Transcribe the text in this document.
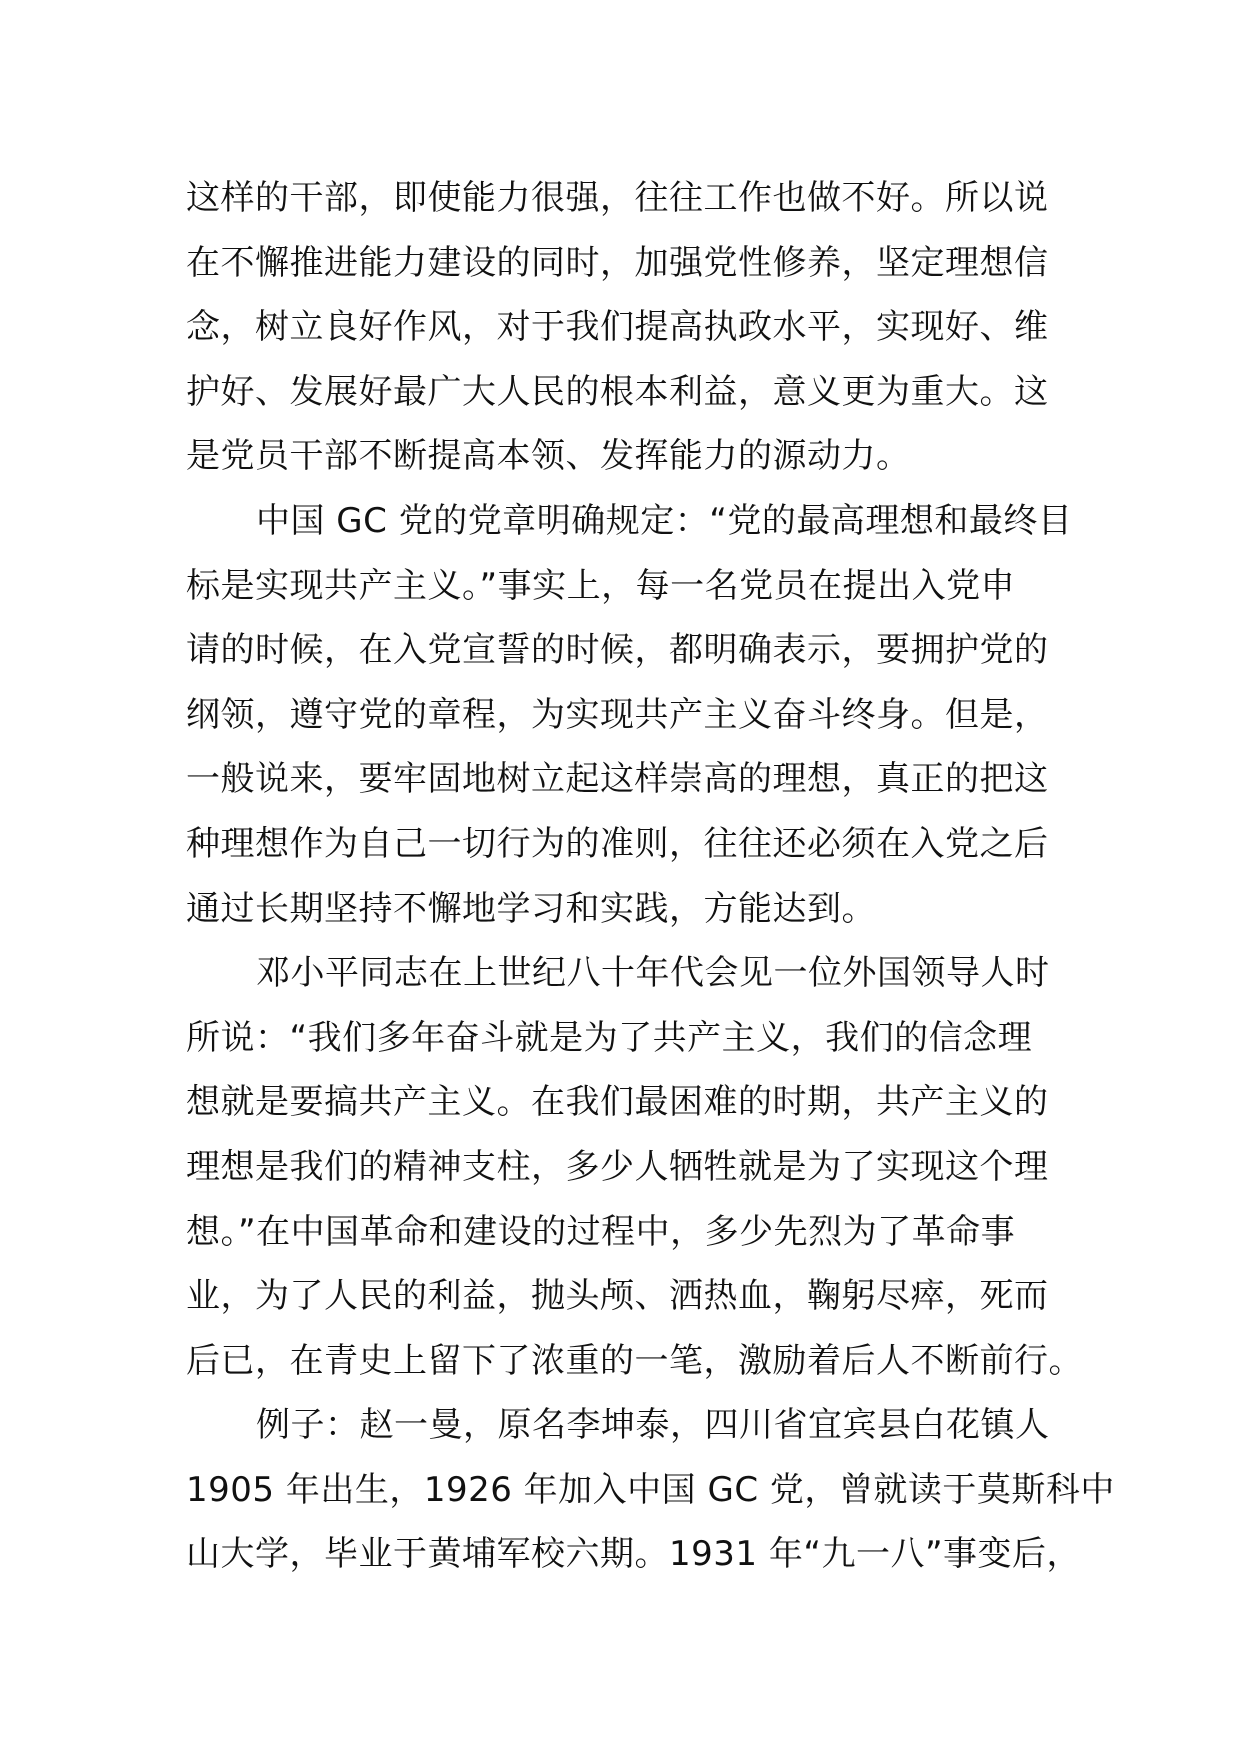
这样的干部，即使能力很强，往往工作也做不好。所以说
在不懈推进能力建设的同时，加强党性修养，坚定理想信
念，树立良好作风，对于我们提高执政水平，实现好、维
护好、发展好最广大人民的根本利益，意义更为重大。这
是党员干部不断提高本领、发挥能力的源动力。
中国 GC 党的党章明确规定：“党的最高理想和最终目
标是实现共产主义。”事实上，每一名党员在提出入党申
请的时候，在入党宣誓的时候，都明确表示，要拥护党的
纲领，遵守党的章程，为实现共产主义奋斗终身。但是，
一般说来，要牢固地树立起这样崇高的理想，真正的把这
种理想作为自己一切行为的准则，往往还必须在入党之后
通过长期坚持不懈地学习和实践，方能达到。
邓小平同志在上世纪八十年代会见一位外国领导人时
所说：“我们多年奋斗就是为了共产主义，我们的信念理
想就是要搞共产主义。在我们最困难的时期，共产主义的
理想是我们的精神支柱，多少人牺牲就是为了实现这个理
想。”在中国革命和建设的过程中，多少先烈为了革命事
业，为了人民的利益，抛头颅、洒热血，鞠躬尽瘁，死而
后已，在青史上留下了浓重的一笔，激励着后人不断前行。
例子：赵一曼，原名李坤泰，四川省宜宾县白花镇人
1905 年出生，1926 年加入中国 GC 党，曾就读于莫斯科中
山大学，毕业于黄埔军校六期。1931 年“九一八”事变后，
